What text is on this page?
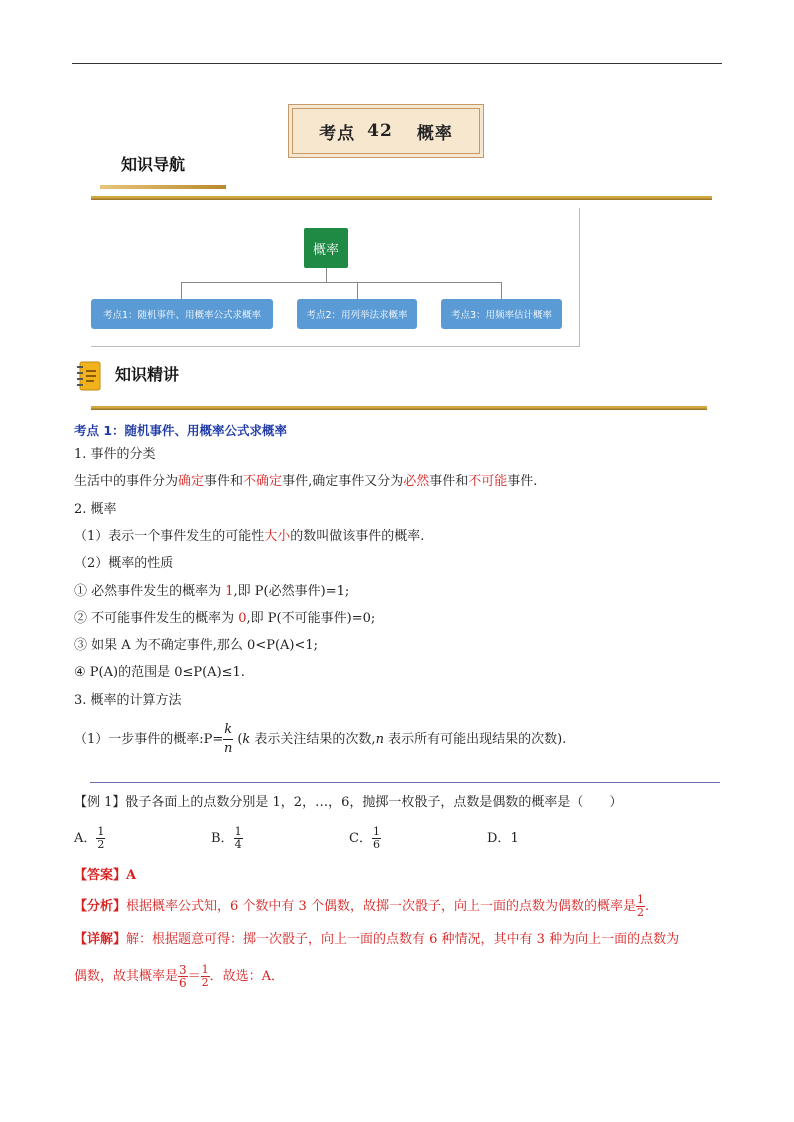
考点 42 概率
知识导航
概率
考点1：随机事件、用概率公式求概率	考点2：用列举法求概率	考点3：用频率估计概率
知识精讲
考点 1：随机事件、用概率公式求概率
1. 事件的分类
生活中的事件分为确定事件和不确定事件,确定事件又分为必然事件和不可能事件.
2. 概率
（1）表示一个事件发生的可能性大小的数叫做该事件的概率.
（2）概率的性质
① 必然事件发生的概率为 1,即 P(必然事件)=1;
② 不可能事件发生的概率为 0,即 P(不可能事件)=0;
③ 如果 A 为不确定事件,那么 0<P(A)<1;
④ P(A)的范围是 0≤P(A)≤1.
3. 概率的计算方法
（1）一步事件的概率:P= $\frac{k}{n} (k$ 表示关注结果的次数,n 表示所有可能出现结果的次数).
【例 1】骰子各面上的点数分别是 1，2，…，6，抛掷一枚骰子，点数是偶数的概率是（　　）
A． $\frac{1}{2}$	B． $\frac{1}{4}$	C． $\frac{1}{6}$	D．1
【答案】A
【分析】根据概率公式知，6 个数中有 3 个偶数，故掷一次骰子，向上一面的点数为偶数的概率是 $\frac{1}{2}$ .
【详解】解：根据题意可得：掷一次骰子，向上一面的点数有 6 种情况，其中有 3 种为向上一面的点数为
偶数，故其概率是 $\frac{3}{6} = \frac{1}{2}$ ．故选：A．
